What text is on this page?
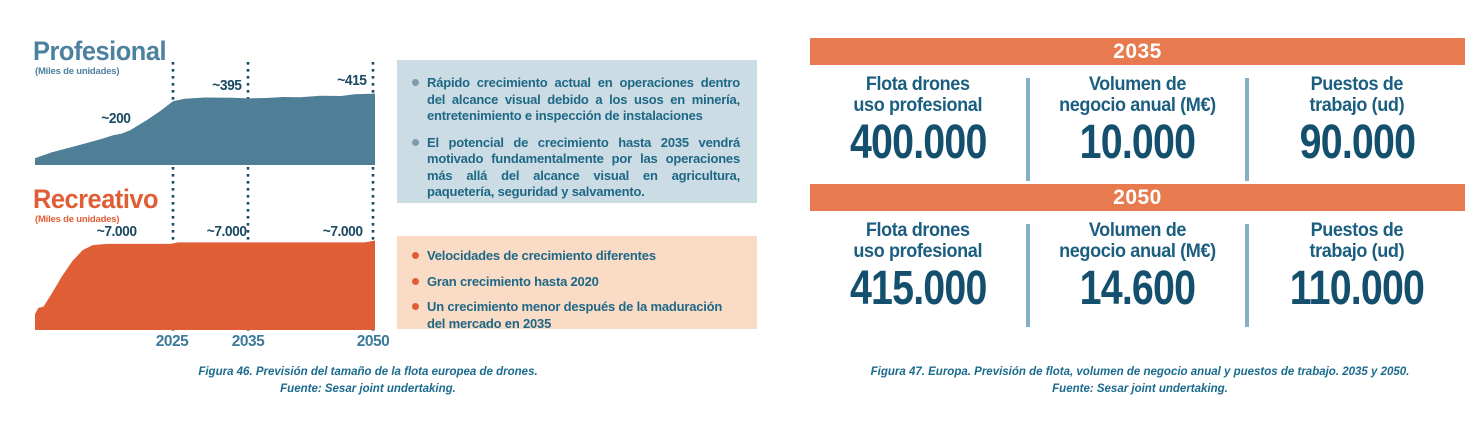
Profesional
(Miles de unidades)
Recreativo
(Miles de unidades)
~200
~395	~415
~7.000	~7.000	~7.000
2025	2035	2050
Rápido crecimiento actual en operaciones dentro del alcance visual debido a los usos en minería, entretenimiento e inspección de instalaciones
El potencial de crecimiento hasta 2035 vendrá motivado fundamentalmente por las operaciones más allá del alcance visual en agricultura, paquetería, seguridad y salvamento.
Velocidades de crecimiento diferentes
Gran crecimiento hasta 2020
Un crecimiento menor después de la maduración del mercado en 2035
2035
Flota drones
uso profesional
400.000
Volumen de
negocio anual (M€)
10.000
Puestos de
trabajo (ud)
90.000
2050
Flota drones
uso profesional
415.000
Volumen de
negocio anual (M€)
14.600
Puestos de
trabajo (ud)
110.000
Figura 46. Previsión del tamaño de la flota europea de drones.
Fuente: Sesar joint undertaking.
Figura 47. Europa. Previsión de flota, volumen de negocio anual y puestos de trabajo. 2035 y 2050.
Fuente: Sesar joint undertaking.
